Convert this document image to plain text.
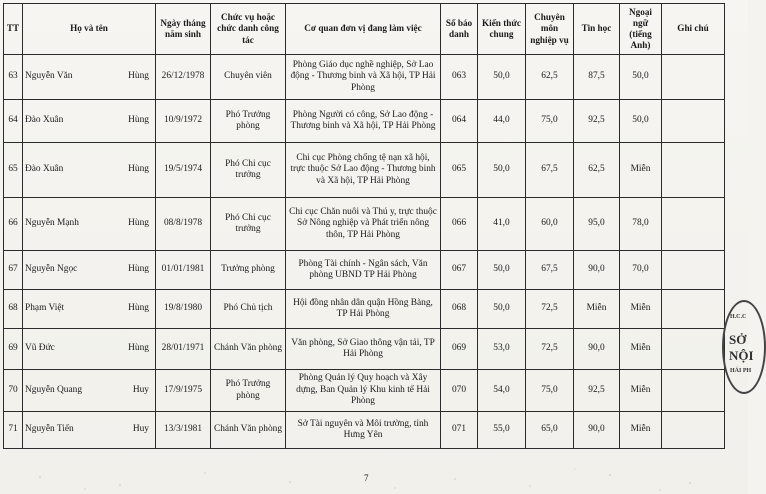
TT	Họ và tên	Ngày tháng năm sinh	Chức vụ hoặc chức danh công tác	Cơ quan đơn vị đang làm việc	Số báo danh	Kiến thức chung	Chuyên môn nghiệp vụ	Tin học	Ngoại ngữ (tiếng Anh)	Ghi chú
63	Nguyễn Văn Hùng	26/12/1978	Chuyên viên	Phòng Giáo dục nghề nghiệp, Sở Lao động - Thương binh và Xã hội, TP Hải Phòng	063	50,0	62,5	87,5	50,0	
64	Đào Xuân Hùng	10/9/1972	Phó Trưởng phòng	Phòng Người có công, Sở Lao động - Thương binh và Xã hội, TP Hải Phòng	064	44,0	75,0	92,5	50,0	
65	Đào Xuân Hùng	19/5/1974	Phó Chi cục trưởng	Chi cục Phòng chống tệ nạn xã hội, trực thuộc Sở Lao động - Thương binh và Xã hội, TP Hải Phòng	065	50,0	67,5	62,5	Miễn	
66	Nguyễn Mạnh Hùng	08/8/1978	Phó Chi cục trưởng	Chi cục Chăn nuôi và Thú y, trực thuộc Sở Nông nghiệp và Phát triển nông thôn, TP Hải Phòng	066	41,0	60,0	95,0	78,0	
67	Nguyễn Ngọc Hùng	01/01/1981	Trưởng phòng	Phòng Tài chính - Ngân sách, Văn phòng UBND TP Hải Phòng	067	50,0	67,5	90,0	70,0	
68	Phạm Việt Hùng	19/8/1980	Phó Chủ tịch	Hội đồng nhân dân quận Hồng Bàng, TP Hải Phòng	068	50,0	72,5	Miễn	Miễn	
69	Vũ Đức Hùng	28/01/1971	Chánh Văn phòng	Văn phòng, Sở Giao thông vận tải, TP Hải Phòng	069	53,0	72,5	90,0	Miễn	
70	Nguyễn Quang Huy	17/9/1975	Phó Trưởng phòng	Phòng Quản lý Quy hoạch và Xây dựng, Ban Quản lý Khu kinh tế Hải Phòng	070	54,0	75,0	92,5	Miễn	
71	Nguyễn Tiến Huy	13/3/1981	Chánh Văn phòng	Sở Tài nguyên và Môi trường, tỉnh Hưng Yên	071	55,0	65,0	90,0	Miễn	
H.C.C
SỞ
NỘI
HẢI PH
7
